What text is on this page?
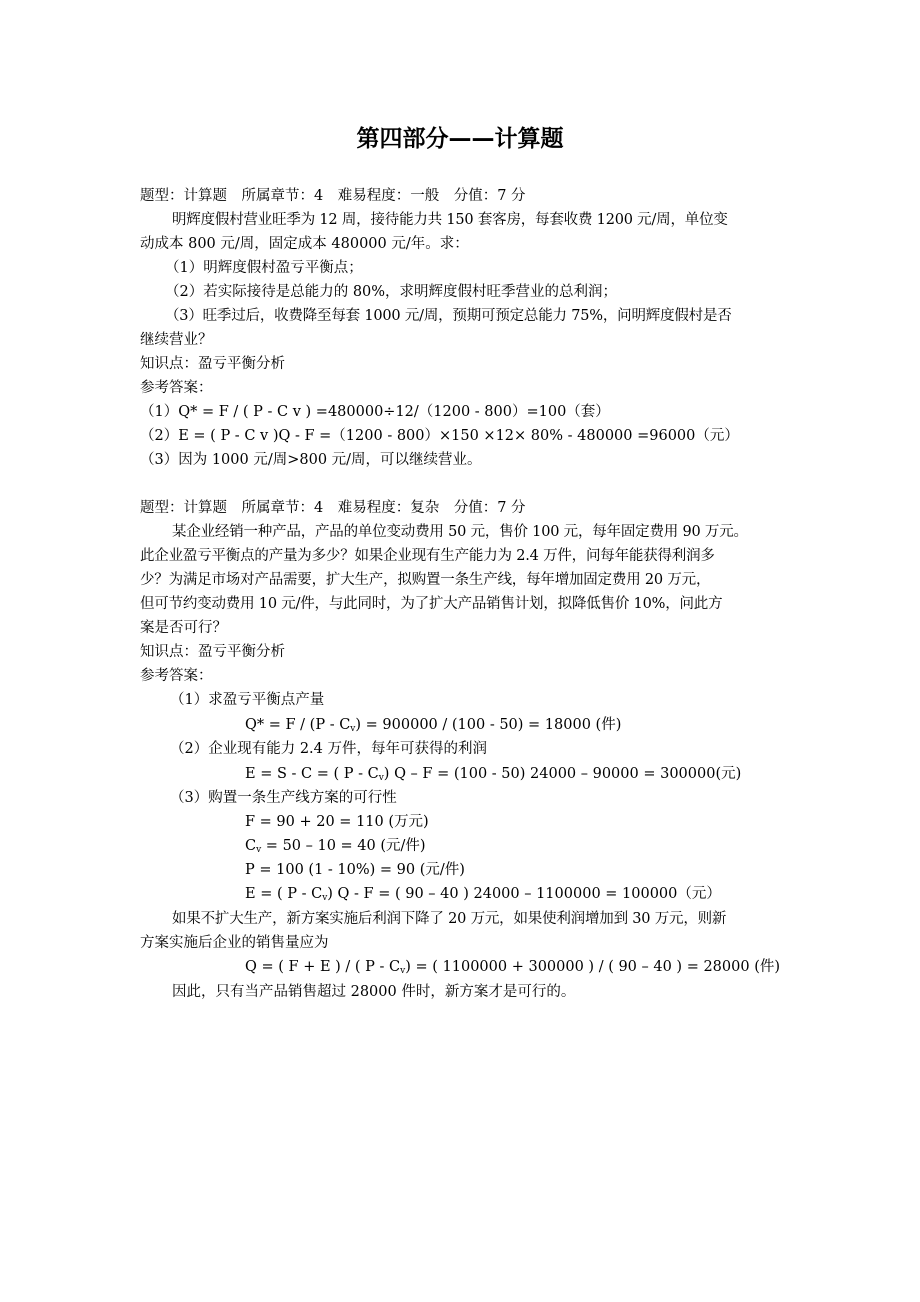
第四部分——计算题
题型：计算题　所属章节：4　难易程度：一般　分值：7 分
明辉度假村营业旺季为 12 周，接待能力共 150 套客房，每套收费 1200 元/周，单位变
动成本 800 元/周，固定成本 480000 元/年。求：
（1）明辉度假村盈亏平衡点；
（2）若实际接待是总能力的 80%，求明辉度假村旺季营业的总利润；
（3）旺季过后，收费降至每套 1000 元/周，预期可预定总能力 75%，问明辉度假村是否
继续营业？
知识点：盈亏平衡分析
参考答案：
（1）Q* = F / ( P - C v ) =480000÷12/（1200 - 800）=100（套）
（2）E = ( P - C v )Q - F =（1200 - 800）×150 ×12× 80% - 480000 =96000（元）
（3）因为 1000 元/周>800 元/周，可以继续营业。
题型：计算题　所属章节：4　难易程度：复杂　分值：7 分
某企业经销一种产品，产品的单位变动费用 50 元，售价 100 元，每年固定费用 90 万元。
此企业盈亏平衡点的产量为多少？如果企业现有生产能力为 2.4 万件，问每年能获得利润多
少？为满足市场对产品需要，扩大生产，拟购置一条生产线，每年增加固定费用 20 万元，
但可节约变动费用 10 元/件，与此同时，为了扩大产品销售计划，拟降低售价 10%，问此方
案是否可行？
知识点：盈亏平衡分析
参考答案：
（1）求盈亏平衡点产量
$Q* = F / (P - C_v) = 900000 / (100 - 50) = 18000$ (件)
（2）企业现有能力 2.4 万件，每年可获得的利润
E = S - C = ( P - $C_v$) Q – F = (100 - 50) 24000 – 90000 = 300000(元)
（3）购置一条生产线方案的可行性
F = 90 + 20 = 110 (万元)
$C_v = 50 - 10 = 40$ (元/件)
P = 100 (1 - 10%) = 90 (元/件)
E = ( P - $C_v$) Q - F = ( 90 – 40 ) 24000 – 1100000 = 100000（元）
如果不扩大生产，新方案实施后利润下降了 20 万元，如果使利润增加到 30 万元，则新
方案实施后企业的销售量应为
Q = ( F + E ) / ( P - $C_v$) = ( 1100000 + 300000 ) / ( 90 – 40 ) = 28000 (件)
因此，只有当产品销售超过 28000 件时，新方案才是可行的。
